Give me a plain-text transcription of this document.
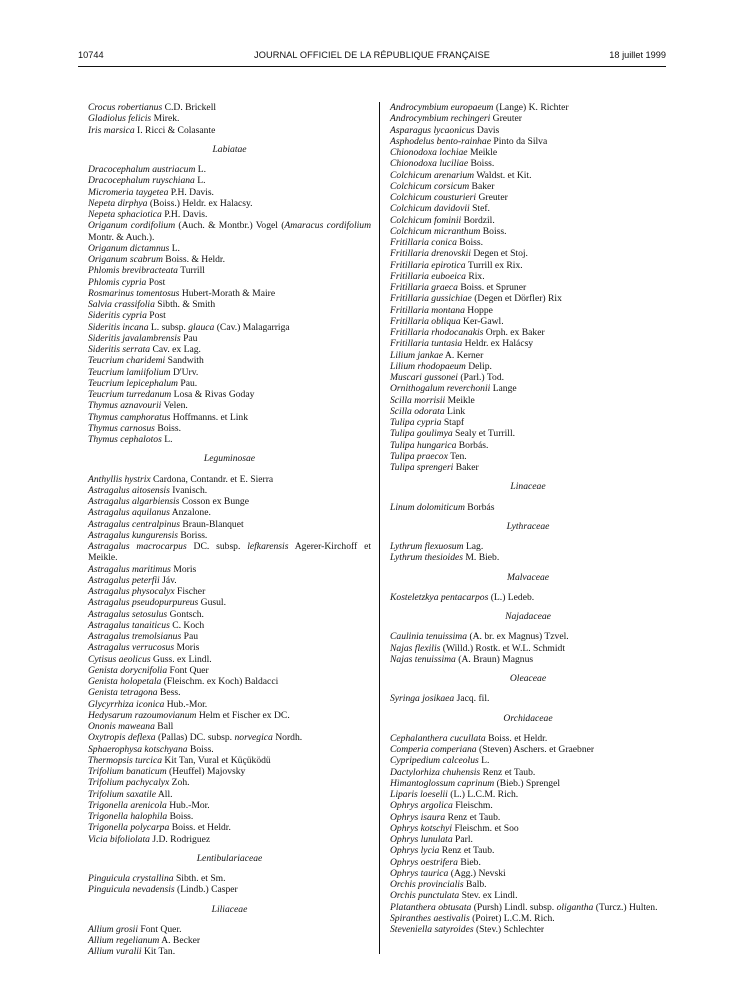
10744	JOURNAL OFFICIEL DE LA RÉPUBLIQUE FRANÇAISE	18 juillet 1999
Crocus robertianus C.D. Brickell
Gladiolus felicis Mirek.
Iris marsica I. Ricci & Colasante
Labiatae
Dracocephalum austriacum L.
Dracocephalum ruyschiana L.
Micromeria taygetea P.H. Davis.
Nepeta dirphya (Boiss.) Heldr. ex Halacsy.
Nepeta sphaciotica P.H. Davis.
Origanum cordifolium (Auch. & Montbr.) Vogel (Amaracus cordifolium Montr. & Auch.).
Origanum dictamnus L.
Origanum scabrum Boiss. & Heldr.
Phlomis brevibracteata Turrill
Phlomis cypria Post
Rosmarinus tomentosus Hubert-Morath & Maire
Salvia crassifolia Sibth. & Smith
Sideritis cypria Post
Sideritis incana L. subsp. glauca (Cav.) Malagarriga
Sideritis javalambrensis Pau
Sideritis serrata Cav. ex Lag.
Teucrium charidemi Sandwith
Teucrium lamiifolium D'Urv.
Teucrium lepicephalum Pau.
Teucrium turredanum Losa & Rivas Goday
Thymus aznavourii Velen.
Thymus camphoratus Hoffmanns. et Link
Thymus carnosus Boiss.
Thymus cephalotos L.
Leguminosae
Anthyllis hystrix Cardona, Contandr. et E. Sierra
Astragalus aitosensis Ivanisch.
Astragalus algarbiensis Cosson ex Bunge
Astragalus aquilanus Anzalone.
Astragalus centralpinus Braun-Blanquet
Astragalus kungurensis Boriss.
Astragalus macrocarpus DC. subsp. lefkarensis Agerer-Kirchoff et Meikle.
Astragalus maritimus Moris
Astragalus peterfii Jáv.
Astragalus physocalyx Fischer
Astragalus pseudopurpureus Gusul.
Astragalus setosulus Gontsch.
Astragalus tanaiticus C. Koch
Astragalus tremolsianus Pau
Astragalus verrucosus Moris
Cytisus aeolicus Guss. ex Lindl.
Genista dorycnifolia Font Quer
Genista holopetala (Fleischm. ex Koch) Baldacci
Genista tetragona Bess.
Glycyrrhiza iconica Hub.-Mor.
Hedysarum razoumovianum Helm et Fischer ex DC.
Ononis maweana Ball
Oxytropis deflexa (Pallas) DC. subsp. norvegica Nordh.
Sphaerophysa kotschyana Boiss.
Thermopsis turcica Kit Tan, Vural et Küçüködü
Trifolium banaticum (Heuffel) Majovsky
Trifolium pachycalyx Zoh.
Trifolium saxatile All.
Trigonella arenicola Hub.-Mor.
Trigonella halophila Boiss.
Trigonella polycarpa Boiss. et Heldr.
Vicia bifoliolata J.D. Rodriguez
Lentibulariaceae
Pinguicula crystallina Sibth. et Sm.
Pinguicula nevadensis (Lindb.) Casper
Liliaceae
Allium grosii Font Quer.
Allium regelianum A. Becker
Allium vuralii Kit Tan.
Androcymbium europaeum (Lange) K. Richter
Androcymbium rechingeri Greuter
Asparagus lycaonicus Davis
Asphodelus bento-rainhae Pinto da Silva
Chionodoxa lochiae Meikle
Chionodoxa luciliae Boiss.
Colchicum arenarium Waldst. et Kit.
Colchicum corsicum Baker
Colchicum cousturieri Greuter
Colchicum davidovii Stef.
Colchicum fominii Bordzil.
Colchicum micranthum Boiss.
Fritillaria conica Boiss.
Fritillaria drenovskii Degen et Stoj.
Fritillaria epirotica Turrill ex Rix.
Fritillaria euboeica Rix.
Fritillaria graeca Boiss. et Spruner
Fritillaria gussichiae (Degen et Dörfler) Rix
Fritillaria montana Hoppe
Fritillaria obliqua Ker-Gawl.
Fritillaria rhodocanakis Orph. ex Baker
Fritillaria tuntasia Heldr. ex Halácsy
Lilium jankae A. Kerner
Lilium rhodopaeum Delip.
Muscari gussonei (Parl.) Tod.
Ornithogalum reverchonii Lange
Scilla morrisii Meikle
Scilla odorata Link
Tulipa cypria Stapf
Tulipa goulimya Sealy et Turrill.
Tulipa hungarica Borbás.
Tulipa praecox Ten.
Tulipa sprengeri Baker
Linaceae
Linum dolomiticum Borbás
Lythraceae
Lythrum flexuosum Lag.
Lythrum thesioides M. Bieb.
Malvaceae
Kosteletzkya pentacarpos (L.) Ledeb.
Najadaceae
Caulinia tenuissima (A. br. ex Magnus) Tzvel.
Najas flexilis (Willd.) Rostk. et W.L. Schmidt
Najas tenuissima (A. Braun) Magnus
Oleaceae
Syringa josikaea Jacq. fil.
Orchidaceae
Cephalanthera cucullata Boiss. et Heldr.
Comperia comperiana (Steven) Aschers. et Graebner
Cypripedium calceolus L.
Dactylorhiza chuhensis Renz et Taub.
Himantoglossum caprinum (Bieb.) Sprengel
Liparis loeselii (L.) L.C.M. Rich.
Ophrys argolica Fleischm.
Ophrys isaura Renz et Taub.
Ophrys kotschyi Fleischm. et Soo
Ophrys lunulata Parl.
Ophrys lycia Renz et Taub.
Ophrys oestrifera Bieb.
Ophrys taurica (Agg.) Nevski
Orchis provincialis Balb.
Orchis punctulata Stev. ex Lindl.
Platanthera obtusata (Pursh) Lindl. subsp. oligantha (Turcz.) Hulten.
Spiranthes aestivalis (Poiret) L.C.M. Rich.
Steveniella satyroides (Stev.) Schlechter
